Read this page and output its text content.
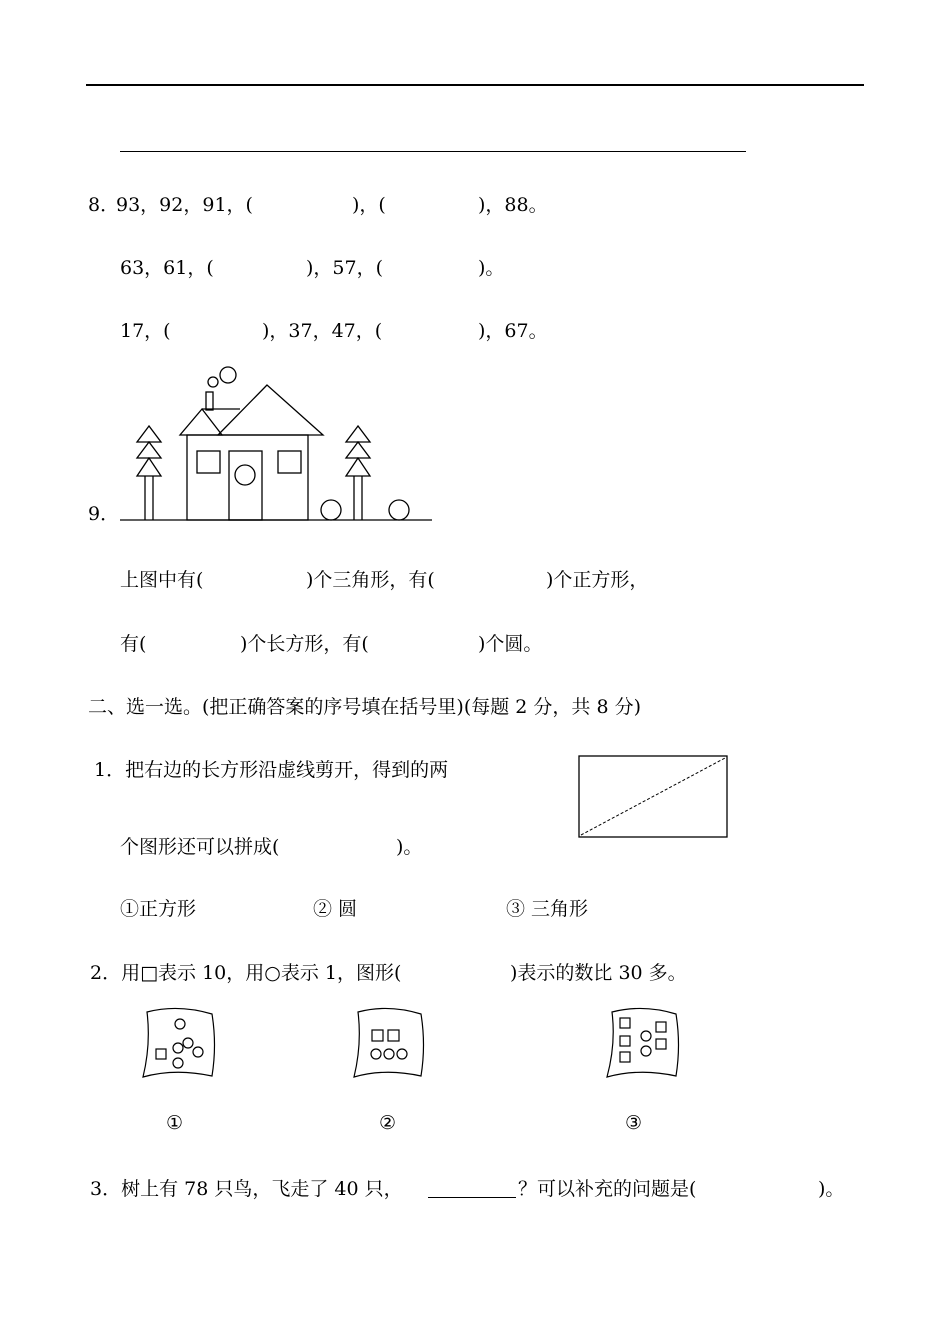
8．
93，92，91，(	)，(	)，88。
63，61，(	)，57，(	)。
17，(	)，37，47，(	)，67。
9．
上图中有(	)个三角形，有(	)个正方形，
有(	)个长方形，有(	)个圆。
二、选一选。(把正确答案的序号填在括号里)(每题 2 分，共 8 分)
1．把右边的长方形沿虚线剪开，得到的两
个图形还可以拼成(	)。
①正方形	② 圆	③ 三角形
2．用□表示 10，用○表示 1，图形(	)表示的数比 30 多。
①	②	③
3．树上有 78 只鸟，飞走了 40 只，	？可以补充的问题是(	)。
